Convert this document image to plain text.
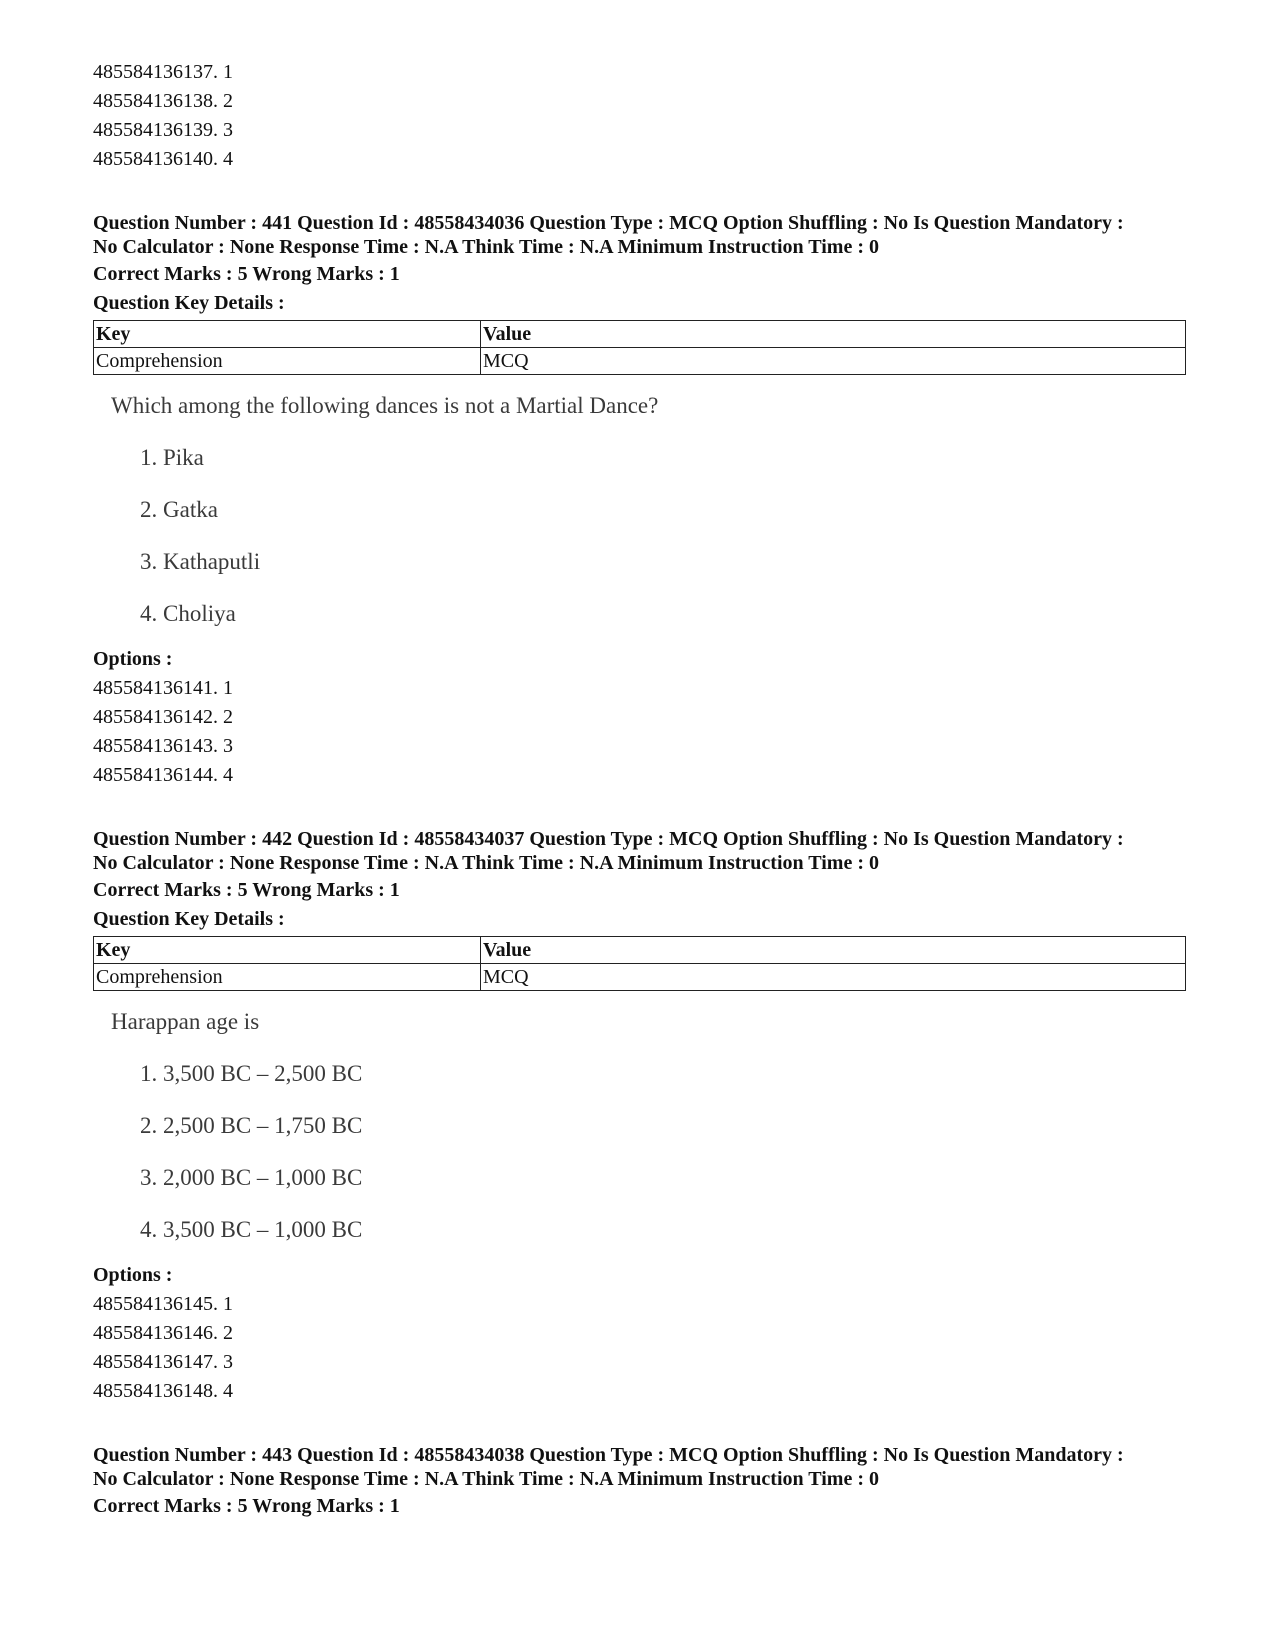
485584136137. 1
485584136138. 2
485584136139. 3
485584136140. 4
Question Number : 441 Question Id : 48558434036 Question Type : MCQ Option Shuffling : No Is Question Mandatory :
No Calculator : None Response Time : N.A Think Time : N.A Minimum Instruction Time : 0
Correct Marks : 5 Wrong Marks : 1
Question Key Details :
Key	Value
Comprehension	MCQ
Which among the following dances is not a Martial Dance?
1. Pika
2. Gatka
3. Kathaputli
4. Choliya
Options :
485584136141. 1
485584136142. 2
485584136143. 3
485584136144. 4
Question Number : 442 Question Id : 48558434037 Question Type : MCQ Option Shuffling : No Is Question Mandatory :
No Calculator : None Response Time : N.A Think Time : N.A Minimum Instruction Time : 0
Correct Marks : 5 Wrong Marks : 1
Question Key Details :
Key	Value
Comprehension	MCQ
Harappan age is
1. 3,500 BC – 2,500 BC
2. 2,500 BC – 1,750 BC
3. 2,000 BC – 1,000 BC
4. 3,500 BC – 1,000 BC
Options :
485584136145. 1
485584136146. 2
485584136147. 3
485584136148. 4
Question Number : 443 Question Id : 48558434038 Question Type : MCQ Option Shuffling : No Is Question Mandatory :
No Calculator : None Response Time : N.A Think Time : N.A Minimum Instruction Time : 0
Correct Marks : 5 Wrong Marks : 1
